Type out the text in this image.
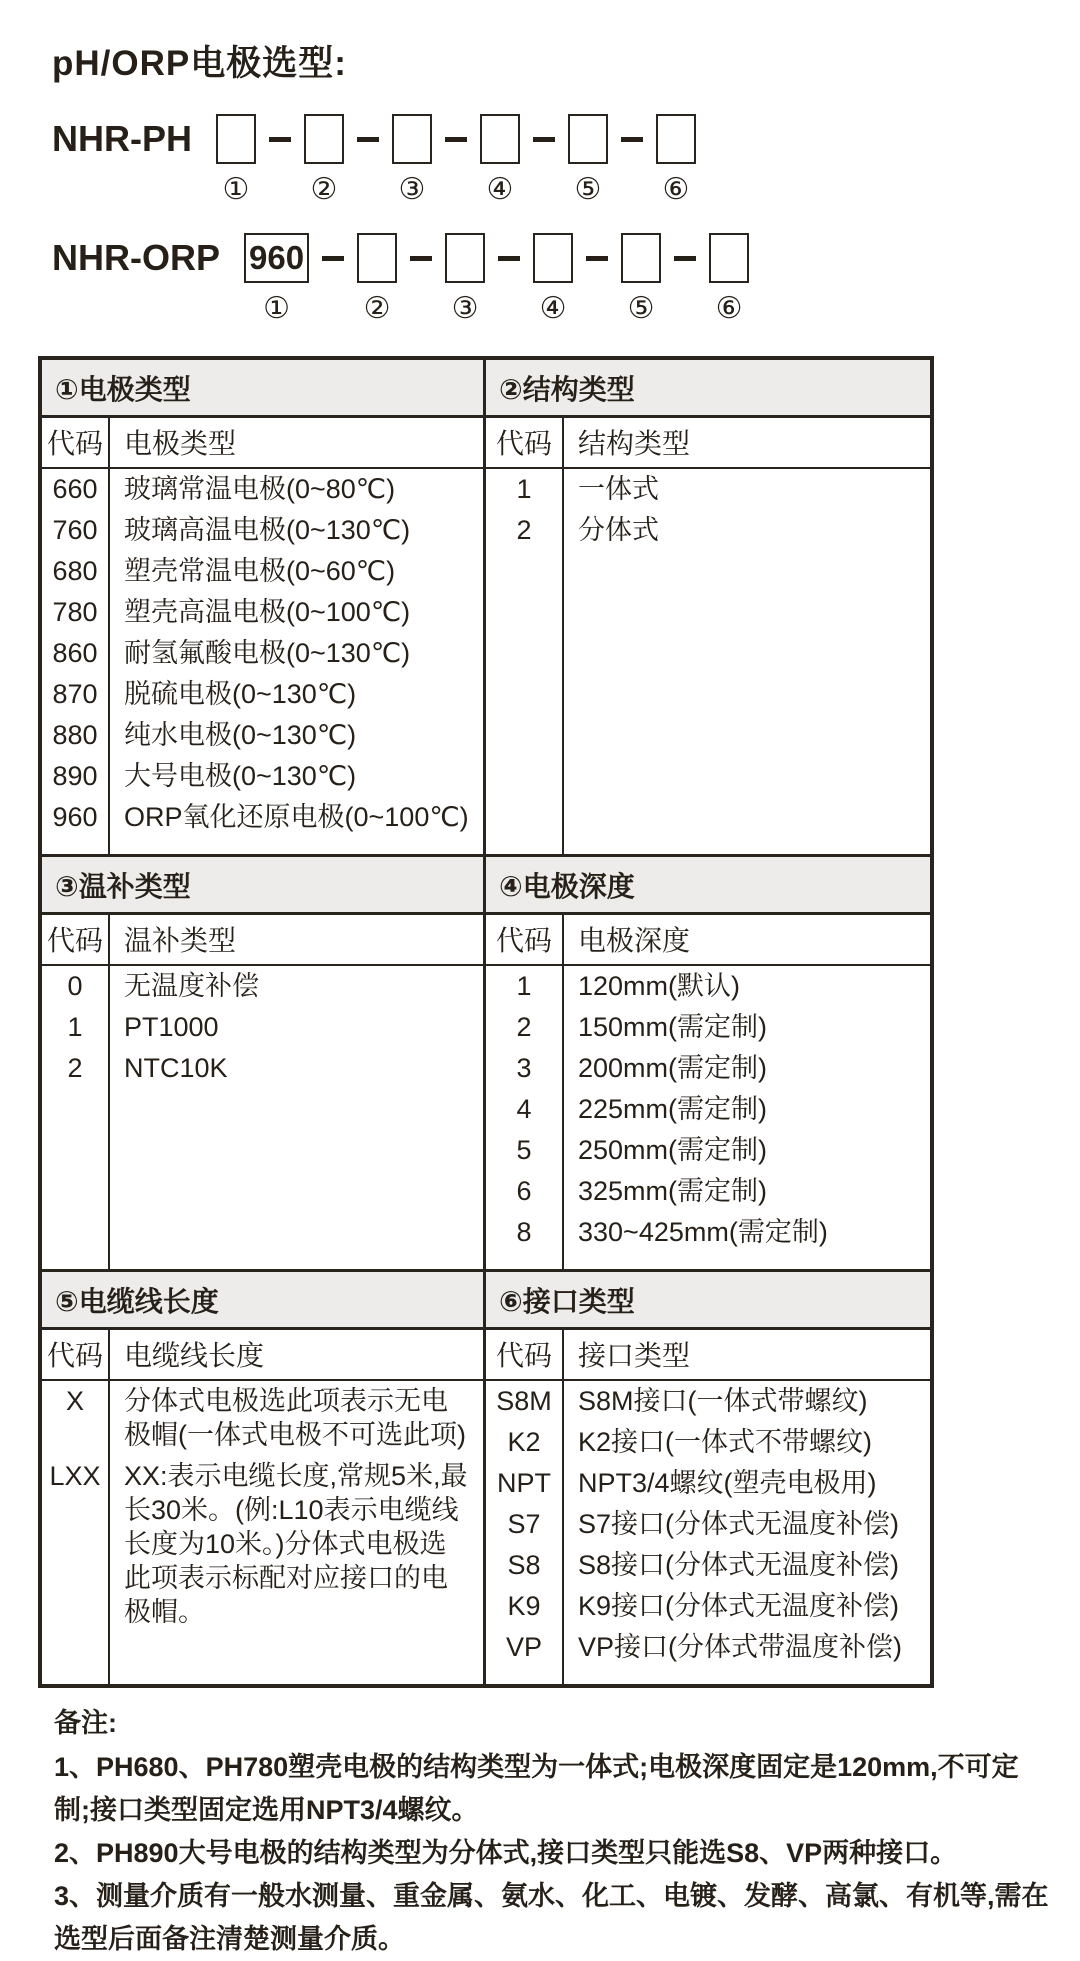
pH/ORP电极选型:
NHR-PH
① ② ③ ④ ⑤ ⑥
NHR-ORP 960
① ② ③ ④ ⑤ ⑥
①电极类型
代码 电极类型
660 玻璃常温电极(0~80℃)
760 玻璃高温电极(0~130℃)
680 塑壳常温电极(0~60℃)
780 塑壳高温电极(0~100℃)
860 耐氢氟酸电极(0~130℃)
870 脱硫电极(0~130℃)
880 纯水电极(0~130℃)
890 大号电极(0~130℃)
960 ORP氧化还原电极(0~100℃)
②结构类型
代码 结构类型
1	一体式
2	分体式
③温补类型
代码 温补类型
0	无温度补偿
1	PT1000
2	NTC10K
④电极深度
代码 电极深度
1	120mm(默认)
2	150mm(需定制)
3	200mm(需定制)
4	225mm(需定制)
5	250mm(需定制)
6	325mm(需定制)
8	330~425mm(需定制)
⑤电缆线长度
代码 电缆线长度
X	分体式电极选此项表示无电极帽(一体式电极不可选此项)
LXX XX:表示电缆长度,常规5米,最长30米。(例:L10表示电缆线长度为10米。)分体式电极选此项表示标配对应接口的电极帽。
⑥接口类型
代码 接口类型
S8M S8M接口(一体式带螺纹)
K2	K2接口(一体式不带螺纹)
NPT	NPT3/4螺纹(塑壳电极用)
S7	S7接口(分体式无温度补偿)
S8	S8接口(分体式无温度补偿)
K9	K9接口(分体式无温度补偿)
VP	VP接口(分体式带温度补偿)
备注:
1、PH680、PH780塑壳电极的结构类型为一体式;电极深度固定是120mm,不可定制;接口类型固定选用NPT3/4螺纹。
2、PH890大号电极的结构类型为分体式,接口类型只能选S8、VP两种接口。
3、测量介质有一般水测量、重金属、氨水、化工、电镀、发酵、高氯、有机等,需在选型后面备注清楚测量介质。
